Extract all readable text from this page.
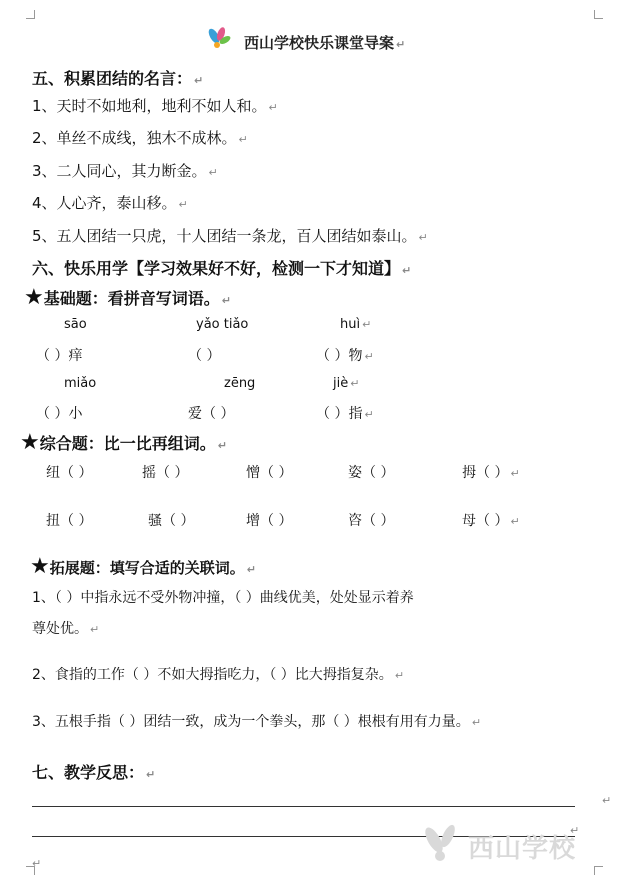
西山学校快乐课堂导案 ↵
五、积累团结的名言： ↵
1、天时不如地利，地利不如人和。 ↵
2、单丝不成线，独木不成林。 ↵
3、二人同心，其力断金。 ↵
4、人心齐，泰山移。 ↵
5、五人团结一只虎，十人团结一条龙，百人团结如泰山。 ↵
六、快乐用学【学习效果好不好，检测一下才知道】 ↵
★基础题：看拼音写词语。 ↵
sāo	yǎo tiǎo	huì ↵
（ ）痒	（ ）	（ ）物 ↵
miǎo	zēng	jiè ↵
（ ）小	爱（ ）	（ ）指 ↵
★综合题：比一比再组词。 ↵
纽（ ）	摇（ ）	憎（ ）	姿（ ）	拇（ ） ↵
扭（ ）	骚（ ）	增（ ）	咨（ ）	母（ ） ↵
★拓展题：填写合适的关联词。 ↵
1、（ ）中指永远不受外物冲撞，（ ）曲线优美，处处显示着养
尊处优。 ↵
2、食指的工作（ ）不如大拇指吃力，（ ）比大拇指复杂。 ↵
3、五根手指（ ）团结一致，成为一个拳头，那（ ）根根有用有力量。 ↵
七、教学反思： ↵
↵
↵
↵	西山学校
